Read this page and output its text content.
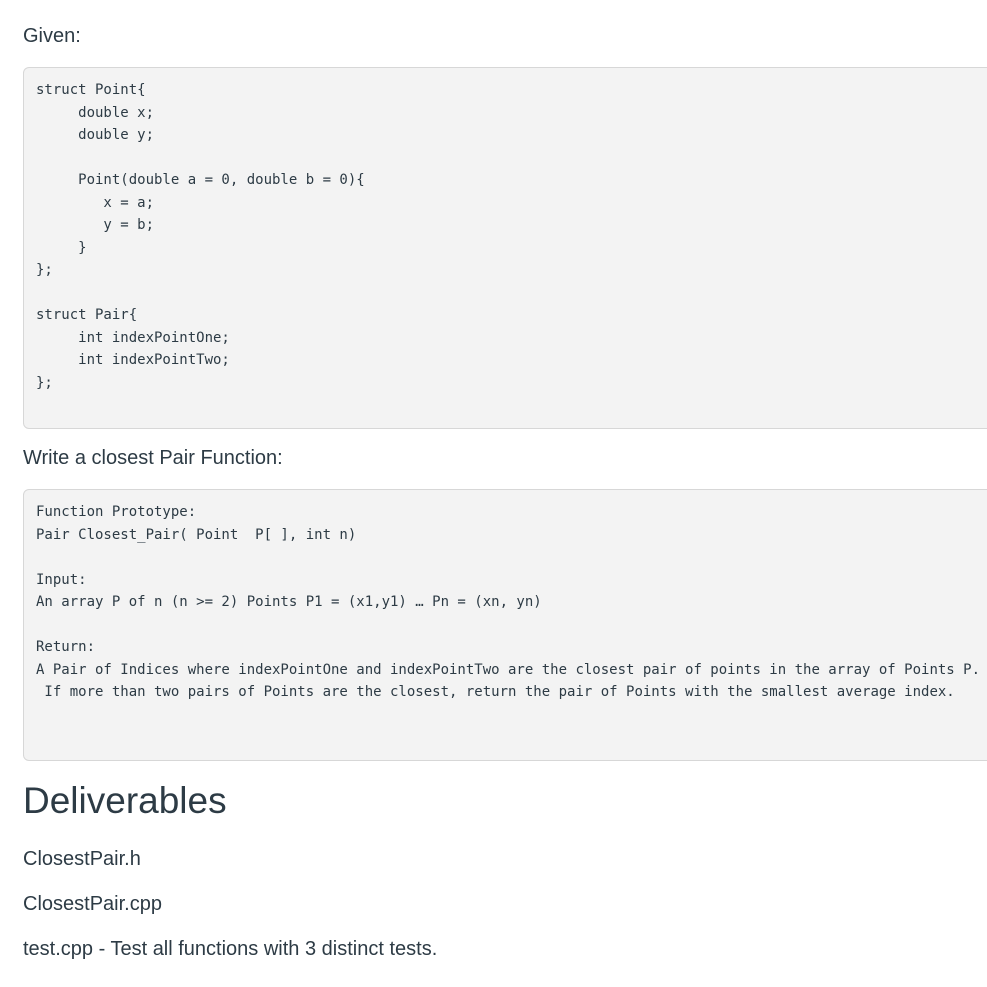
Given:
struct Point{
double x;
double y;
Point(double a = 0, double b = 0){
x = a;
y = b;
}
};
struct Pair{
int indexPointOne;
int indexPointTwo;
};
Write a closest Pair Function:
Function Prototype:
Pair Closest_Pair( Point  P[ ], int n)
Input:
An array P of n (n >= 2) Points P1 = (x1,y1) … Pn = (xn, yn)
Return:
A Pair of Indices where indexPointOne and indexPointTwo are the closest pair of points in the array of Points P.
If more than two pairs of Points are the closest, return the pair of Points with the smallest average index.
Deliverables
ClosestPair.h
ClosestPair.cpp
test.cpp - Test all functions with 3 distinct tests.
